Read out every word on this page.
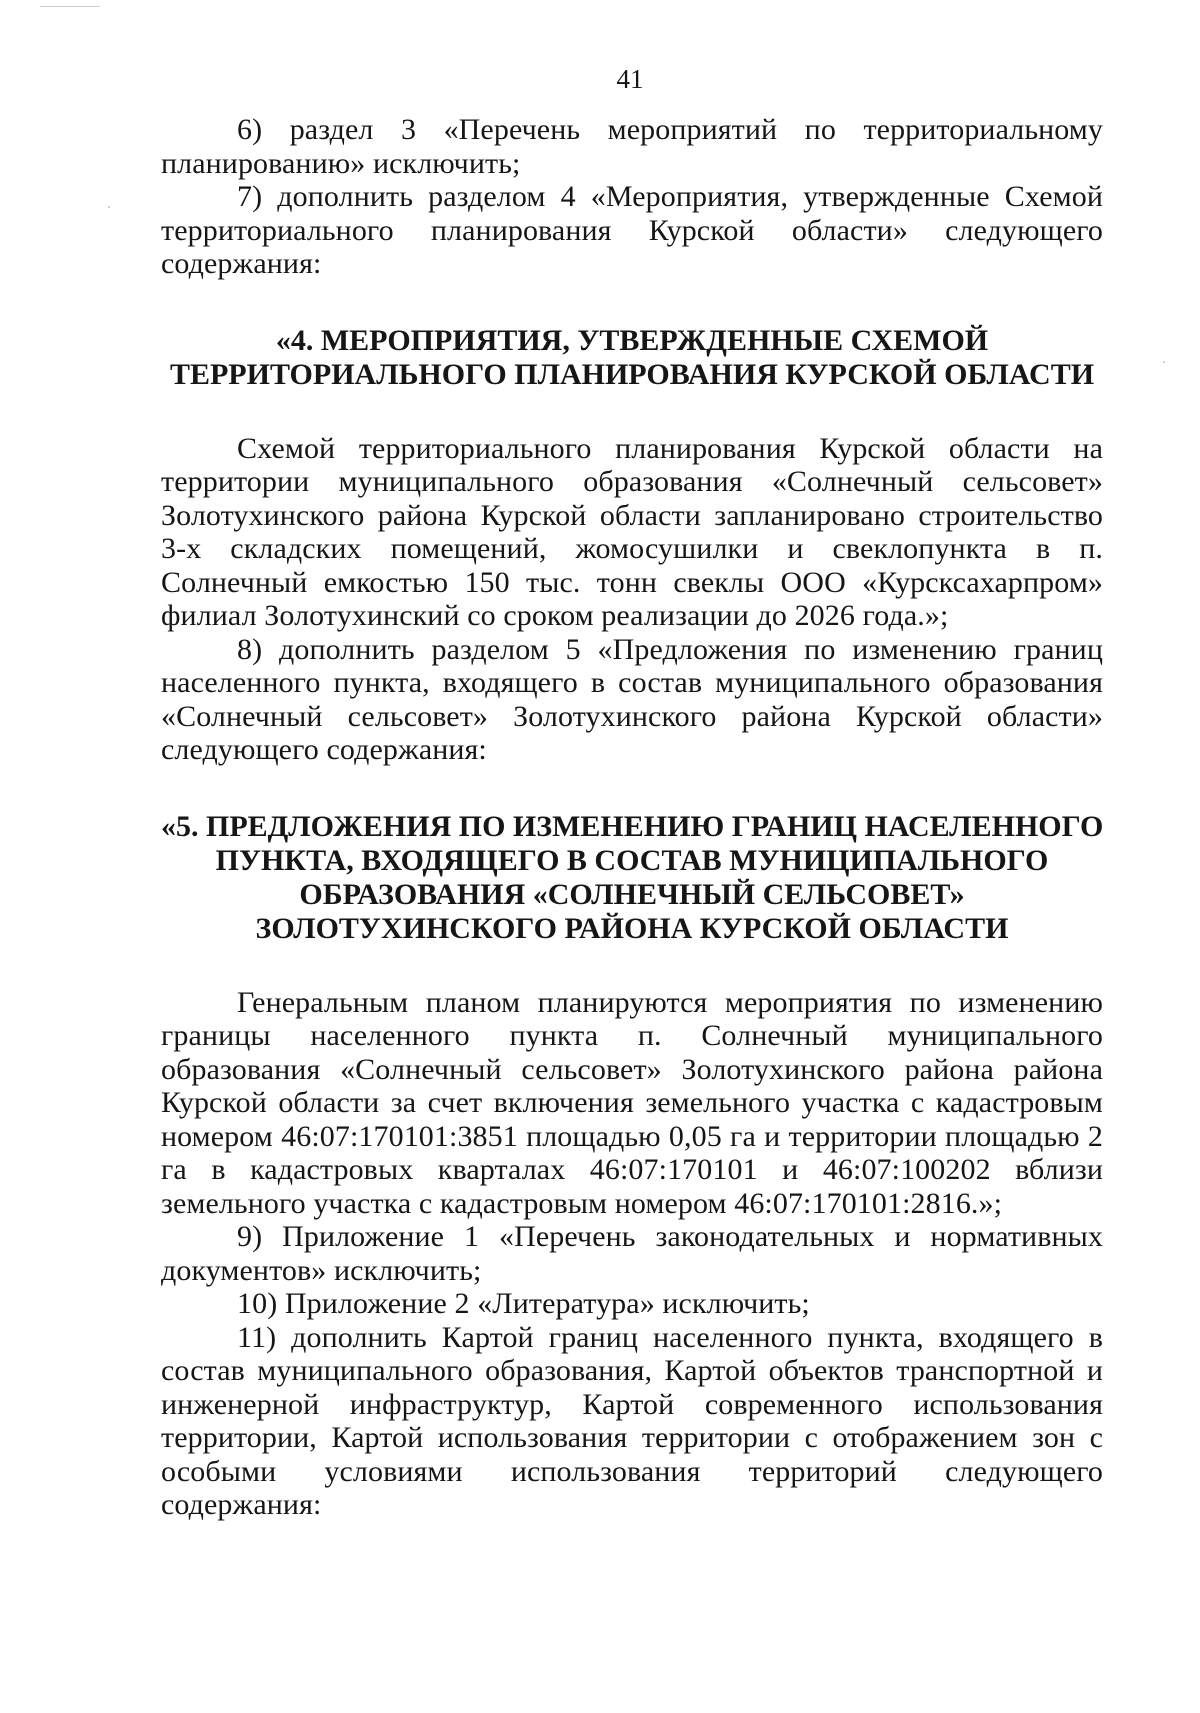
41

6) раздел 3 «Перечень мероприятий по территориальному планированию» исключить;

7) дополнить разделом 4 «Мероприятия, утвержденные Схемой территориального планирования Курской области» следующего содержания:

«4. МЕРОПРИЯТИЯ, УТВЕРЖДЕННЫЕ СХЕМОЙ
ТЕРРИТОРИАЛЬНОГО ПЛАНИРОВАНИЯ КУРСКОЙ ОБЛАСТИ

Схемой территориального планирования Курской области на территории муниципального образования «Солнечный сельсовет» Золотухинского района Курской области запланировано строительство 3-х складских помещений, жомосушилки и свеклопункта в п. Солнечный емкостью 150 тыс. тонн свеклы ООО «Курсксахарпром» филиал Золотухинский со сроком реализации до 2026 года.»;

8) дополнить разделом 5 «Предложения по изменению границ населенного пункта, входящего в состав муниципального образования «Солнечный сельсовет» Золотухинского района Курской области» следующего содержания:

«5. ПРЕДЛОЖЕНИЯ ПО ИЗМЕНЕНИЮ ГРАНИЦ НАСЕЛЕННОГО
ПУНКТА, ВХОДЯЩЕГО В СОСТАВ МУНИЦИПАЛЬНОГО
ОБРАЗОВАНИЯ «СОЛНЕЧНЫЙ СЕЛЬСОВЕТ»
ЗОЛОТУХИНСКОГО РАЙОНА КУРСКОЙ ОБЛАСТИ

Генеральным планом планируются мероприятия по изменению границы населенного пункта п. Солнечный муниципального образования «Солнечный сельсовет» Золотухинского района района Курской области за счет включения земельного участка с кадастровым номером 46:07:170101:3851 площадью 0,05 га и территории площадью 2 га в кадастровых кварталах 46:07:170101 и 46:07:100202 вблизи земельного участка с кадастровым номером 46:07:170101:2816.»;

9) Приложение 1 «Перечень законодательных и нормативных документов» исключить;

10) Приложение 2 «Литература» исключить;

11) дополнить Картой границ населенного пункта, входящего в состав муниципального образования, Картой объектов транспортной и инженерной инфраструктур, Картой современного использования территории, Картой использования территории с отображением зон с особыми условиями использования территорий следующего содержания:
